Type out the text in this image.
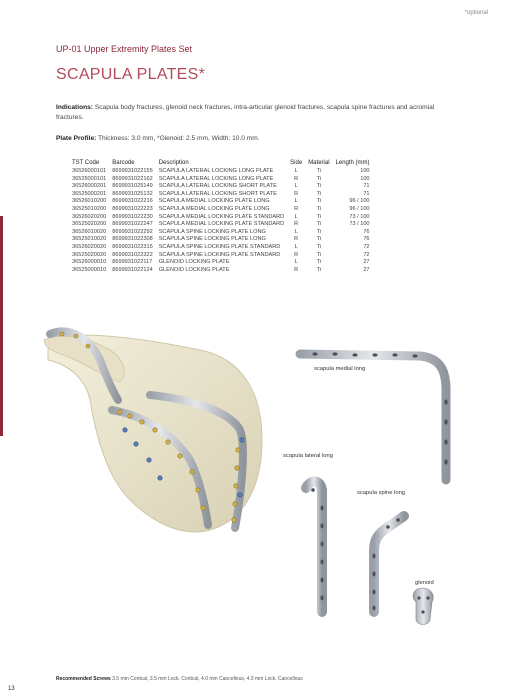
*optional
UP-01 Upper Extremity Plates Set
SCAPULA PLATES*
Indications: Scapula body fractures, glenoid neck fractures, intra-articular glenoid fractures, scapula spine fractures and acromial fractures.
Plate Profile: Thickness: 3.0 mm, *Glenoid: 2.5 mm, Width: 10.0 mm.
TST Code	Barcode	Description	Side	Material	Length (mm)
36526000101	8699931022155	SCAPULA LATERAL LOCKING LONG PLATE	L	Ti	100
36525000101	8699931022162	SCAPULA LATERAL LOCKING LONG PLATE	R	Ti	100
36526000201	8699931025149	SCAPULA LATERAL LOCKING SHORT PLATE	L	Ti	71
36525000201	8699931025132	SCAPULA LATERAL LOCKING SHORT PLATE	R	Ti	71
36526010200	8699931022216	SCAPULA MEDIAL LOCKING PLATE LONG	L	Ti	96 / 100
36525010200	8699931022223	SCAPULA MEDIAL LOCKING PLATE LONG	R	Ti	96 / 100
36526020200	8699931022230	SCAPULA MEDIAL LOCKING PLATE STANDARD	L	Ti	73 / 100
36525020200	8699931022247	SCAPULA MEDIAL LOCKING PLATE STANDARD	R	Ti	73 / 100
36526010020	8699931022292	SCAPULA SPINE LOCKING PLATE LONG	L	Ti	76
36525010020	8699931022308	SCAPULA SPINE LOCKING PLATE LONG	R	Ti	76
36526020020	8699931022315	SCAPULA SPINE LOCKING PLATE STANDARD	L	Ti	72
36525020020	8699931022322	SCAPULA SPINE LOCKING PLATE STANDARD	R	Ti	72
36526000010	8699931022117	GLENOID LOCKING PLATE	L	Ti	27
36525000010	8699931022124	GLENOID LOCKING PLATE	R	Ti	27
scapula medial long
scapula lateral long
scapula spine long
glenoid
Recommended Screws 3.5 mm Cortical, 3.5 mm Lock. Cortical, 4.0 mm Cancellous, 4.0 mm Lock. Cancellous
13
